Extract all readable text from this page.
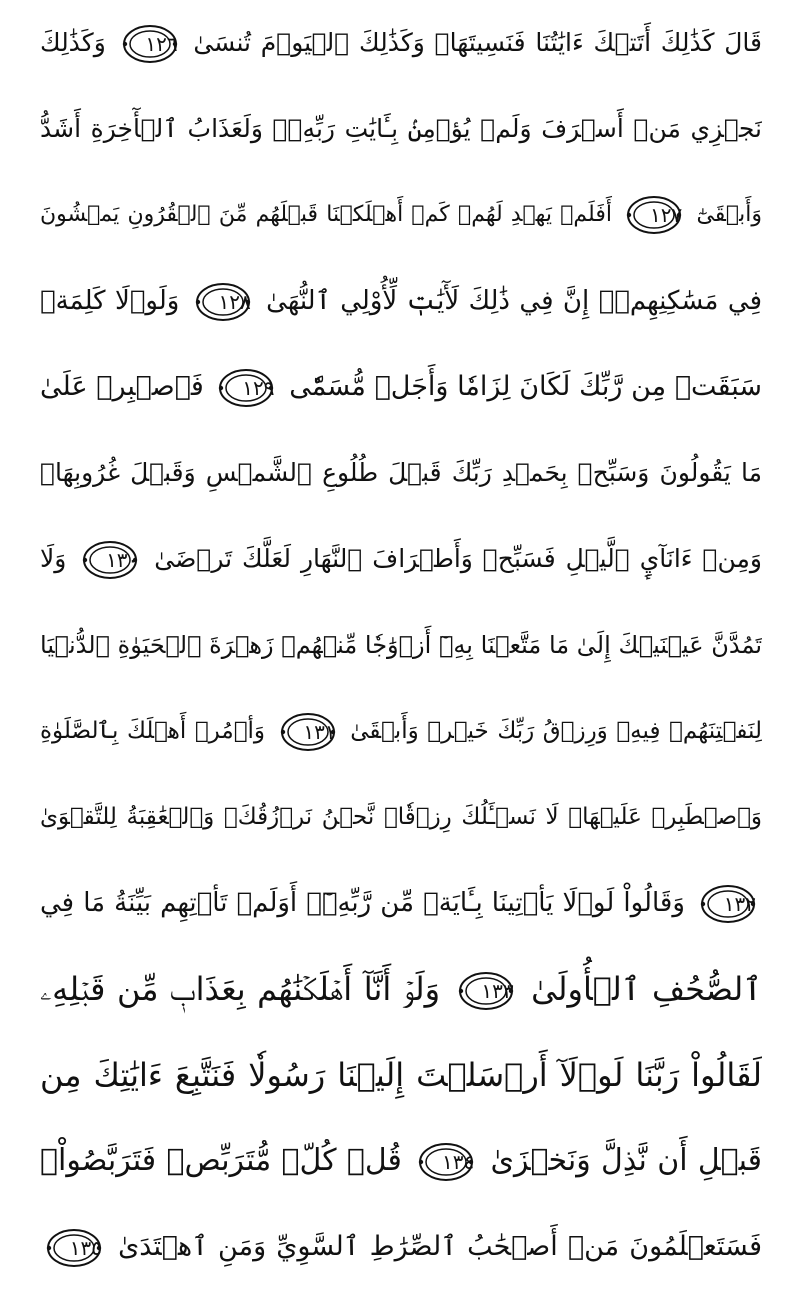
قَالَ كَذَٰلِكَ أَتَتۡكَ ءَايَٰتُنَا فَنَسِيتَهَاۖ وَكَذَٰلِكَ ٱلۡيَوۡمَ تُنسَىٰ
١٢٦
وَكَذَٰلِكَ
نَجۡزِي مَنۡ أَسۡرَفَ وَلَمۡ يُؤۡمِنۢ بِـَٔايَٰتِ رَبِّهِۦۚ وَلَعَذَابُ ٱلۡأٓخِرَةِ أَشَدُّ
وَأَبۡقَىٰٓ
١٢٧
أَفَلَمۡ يَهۡدِ لَهُمۡ كَمۡ أَهۡلَكۡنَا قَبۡلَهُم مِّنَ ٱلۡقُرُونِ يَمۡشُونَ
فِي مَسَٰكِنِهِمۡۗ إِنَّ فِي ذَٰلِكَ لَأٓيَٰتٖ لِّأُوْلِي ٱلنُّهَىٰ
١٢٨
وَلَوۡلَا كَلِمَةٞ
سَبَقَتۡ مِن رَّبِّكَ لَكَانَ لِزَامٗا وَأَجَلٞ مُّسَمّٗى
١٢٩
فَٱصۡبِرۡ عَلَىٰ
مَا يَقُولُونَ وَسَبِّحۡ بِحَمۡدِ رَبِّكَ قَبۡلَ طُلُوعِ ٱلشَّمۡسِ وَقَبۡلَ غُرُوبِهَاۖ
وَمِنۡ ءَانَآيِٕ ٱلَّيۡلِ فَسَبِّحۡ وَأَطۡرَافَ ٱلنَّهَارِ لَعَلَّكَ تَرۡضَىٰ
١٣٠
وَلَا
تَمُدَّنَّ عَيۡنَيۡكَ إِلَىٰ مَا مَتَّعۡنَا بِهِۦٓ أَزۡوَٰجٗا مِّنۡهُمۡ زَهۡرَةَ ٱلۡحَيَوٰةِ ٱلدُّنۡيَا
لِنَفۡتِنَهُمۡ فِيهِۚ وَرِزۡقُ رَبِّكَ خَيۡرٞ وَأَبۡقَىٰ
١٣١
وَأۡمُرۡ أَهۡلَكَ بِٱلصَّلَوٰةِ
وَٱصۡطَبِرۡ عَلَيۡهَاۖ لَا نَسۡـَٔلُكَ رِزۡقٗاۖ نَّحۡنُ نَرۡزُقُكَۗ وَٱلۡعَٰقِبَةُ لِلتَّقۡوَىٰ
١٣٢
وَقَالُواْ لَوۡلَا يَأۡتِينَا بِـَٔايَةٖ مِّن رَّبِّهِۦٓۚ أَوَلَمۡ تَأۡتِهِم بَيِّنَةُ مَا فِي
ٱلصُّحُفِ ٱلۡأُولَىٰ
١٣٣
وَلَوۡ أَنَّآ أَهۡلَكۡنَٰهُم بِعَذَابٖ مِّن قَبۡلِهِۦ
لَقَالُواْ رَبَّنَا لَوۡلَآ أَرۡسَلۡتَ إِلَيۡنَا رَسُولٗا فَنَتَّبِعَ ءَايَٰتِكَ مِن
قَبۡلِ أَن نَّذِلَّ وَنَخۡزَىٰ
١٣٤
قُلۡ كُلّٞ مُّتَرَبِّصٞ فَتَرَبَّصُواْۖ
فَسَتَعۡلَمُونَ مَنۡ أَصۡحَٰبُ ٱلصِّرَٰطِ ٱلسَّوِيِّ وَمَنِ ٱهۡتَدَىٰ
١٣٥
